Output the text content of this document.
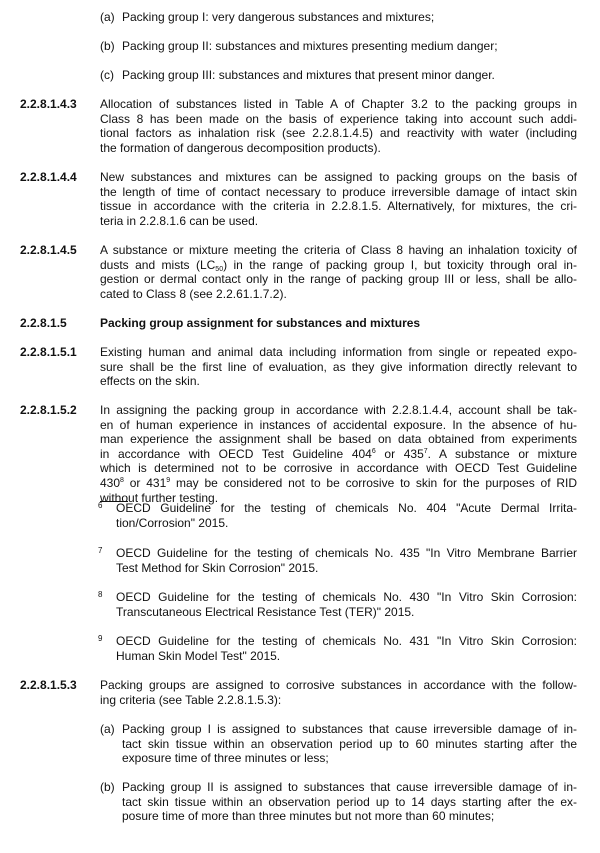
(a) Packing group I: very dangerous substances and mixtures;
(b) Packing group II: substances and mixtures presenting medium danger;
(c) Packing group III: substances and mixtures that present minor danger.
2.2.8.1.4.3 Allocation of substances listed in Table A of Chapter 3.2 to the packing groups in
Class 8 has been made on the basis of experience taking into account such addi-
tional factors as inhalation risk (see 2.2.8.1.4.5) and reactivity with water (including
the formation of dangerous decomposition products).
2.2.8.1.4.4 New substances and mixtures can be assigned to packing groups on the basis of
the length of time of contact necessary to produce irreversible damage of intact skin
tissue in accordance with the criteria in 2.2.8.1.5. Alternatively, for mixtures, the cri-
teria in 2.2.8.1.6 can be used.
2.2.8.1.4.5 A substance or mixture meeting the criteria of Class 8 having an inhalation toxicity of
dusts and mists $(LC_{50})$ in the range of packing group I, but toxicity through oral in-
gestion or dermal contact only in the range of packing group III or less, shall be allo-
cated to Class 8 (see 2.2.61.1.7.2).
2.2.8.1.5	Packing group assignment for substances and mixtures
2.2.8.1.5.1 Existing human and animal data including information from single or repeated expo-
sure shall be the first line of evaluation, as they give information directly relevant to
effects on the skin.
2.2.8.1.5.2 In assigning the packing group in accordance with 2.2.8.1.4.4, account shall be tak-
en of human experience in instances of accidental exposure. In the absence of hu-
man experience the assignment shall be based on data obtained from experiments
in accordance with OECD Test Guideline $404^6$ or $435^7$. A substance or mixture
which is determined not to be corrosive in accordance with OECD Test Guideline
$430^8$ or $431^9$ may be considered not to be corrosive to skin for the purposes of RID
without further testing.
6 OECD Guideline for the testing of chemicals No. 404 "Acute Dermal Irrita-
tion/Corrosion" 2015.
7 OECD Guideline for the testing of chemicals No. 435 "In Vitro Membrane Barrier
Test Method for Skin Corrosion" 2015.
8 OECD Guideline for the testing of chemicals No. 430 "In Vitro Skin Corrosion:
Transcutaneous Electrical Resistance Test (TER)" 2015.
9 OECD Guideline for the testing of chemicals No. 431 "In Vitro Skin Corrosion:
Human Skin Model Test" 2015.
2.2.8.1.5.3 Packing groups are assigned to corrosive substances in accordance with the follow-
ing criteria (see Table 2.2.8.1.5.3):
(a) Packing group I is assigned to substances that cause irreversible damage of in-
tact skin tissue within an observation period up to 60 minutes starting after the
exposure time of three minutes or less;
(b) Packing group II is assigned to substances that cause irreversible damage of in-
tact skin tissue within an observation period up to 14 days starting after the ex-
posure time of more than three minutes but not more than 60 minutes;
